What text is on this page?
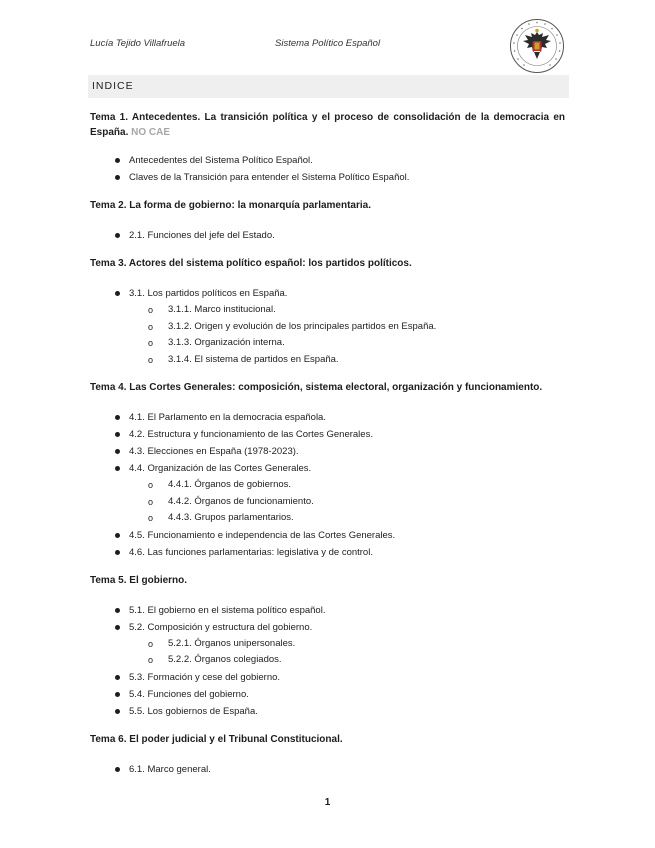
Lucía Tejido Villafruela	Sistema Político Español
INDICE
Tema 1. Antecedentes. La transición política y el proceso de consolidación de la democracia en España. NO CAE
Antecedentes del Sistema Político Español.
Claves de la Transición para entender el Sistema Político Español.
Tema 2. La forma de gobierno: la monarquía parlamentaria.
2.1. Funciones del jefe del Estado.
Tema 3. Actores del sistema político español: los partidos políticos.
3.1. Los partidos políticos en España.
o 3.1.1. Marco institucional.
o 3.1.2. Origen y evolución de los principales partidos en España.
o 3.1.3. Organización interna.
o 3.1.4. El sistema de partidos en España.
Tema 4. Las Cortes Generales: composición, sistema electoral, organización y funcionamiento.
4.1. El Parlamento en la democracia española.
4.2. Estructura y funcionamiento de las Cortes Generales.
4.3. Elecciones en España (1978-2023).
4.4. Organización de las Cortes Generales.
o 4.4.1. Órganos de gobiernos.
o 4.4.2. Órganos de funcionamiento.
o 4.4.3. Grupos parlamentarios.
4.5. Funcionamiento e independencia de las Cortes Generales.
4.6. Las funciones parlamentarias: legislativa y de control.
Tema 5. El gobierno.
5.1. El gobierno en el sistema político español.
5.2. Composición y estructura del gobierno.
o 5.2.1. Órganos unipersonales.
o 5.2.2. Órganos colegiados.
5.3. Formación y cese del gobierno.
5.4. Funciones del gobierno.
5.5. Los gobiernos de España.
Tema 6. El poder judicial y el Tribunal Constitucional.
6.1. Marco general.
1
